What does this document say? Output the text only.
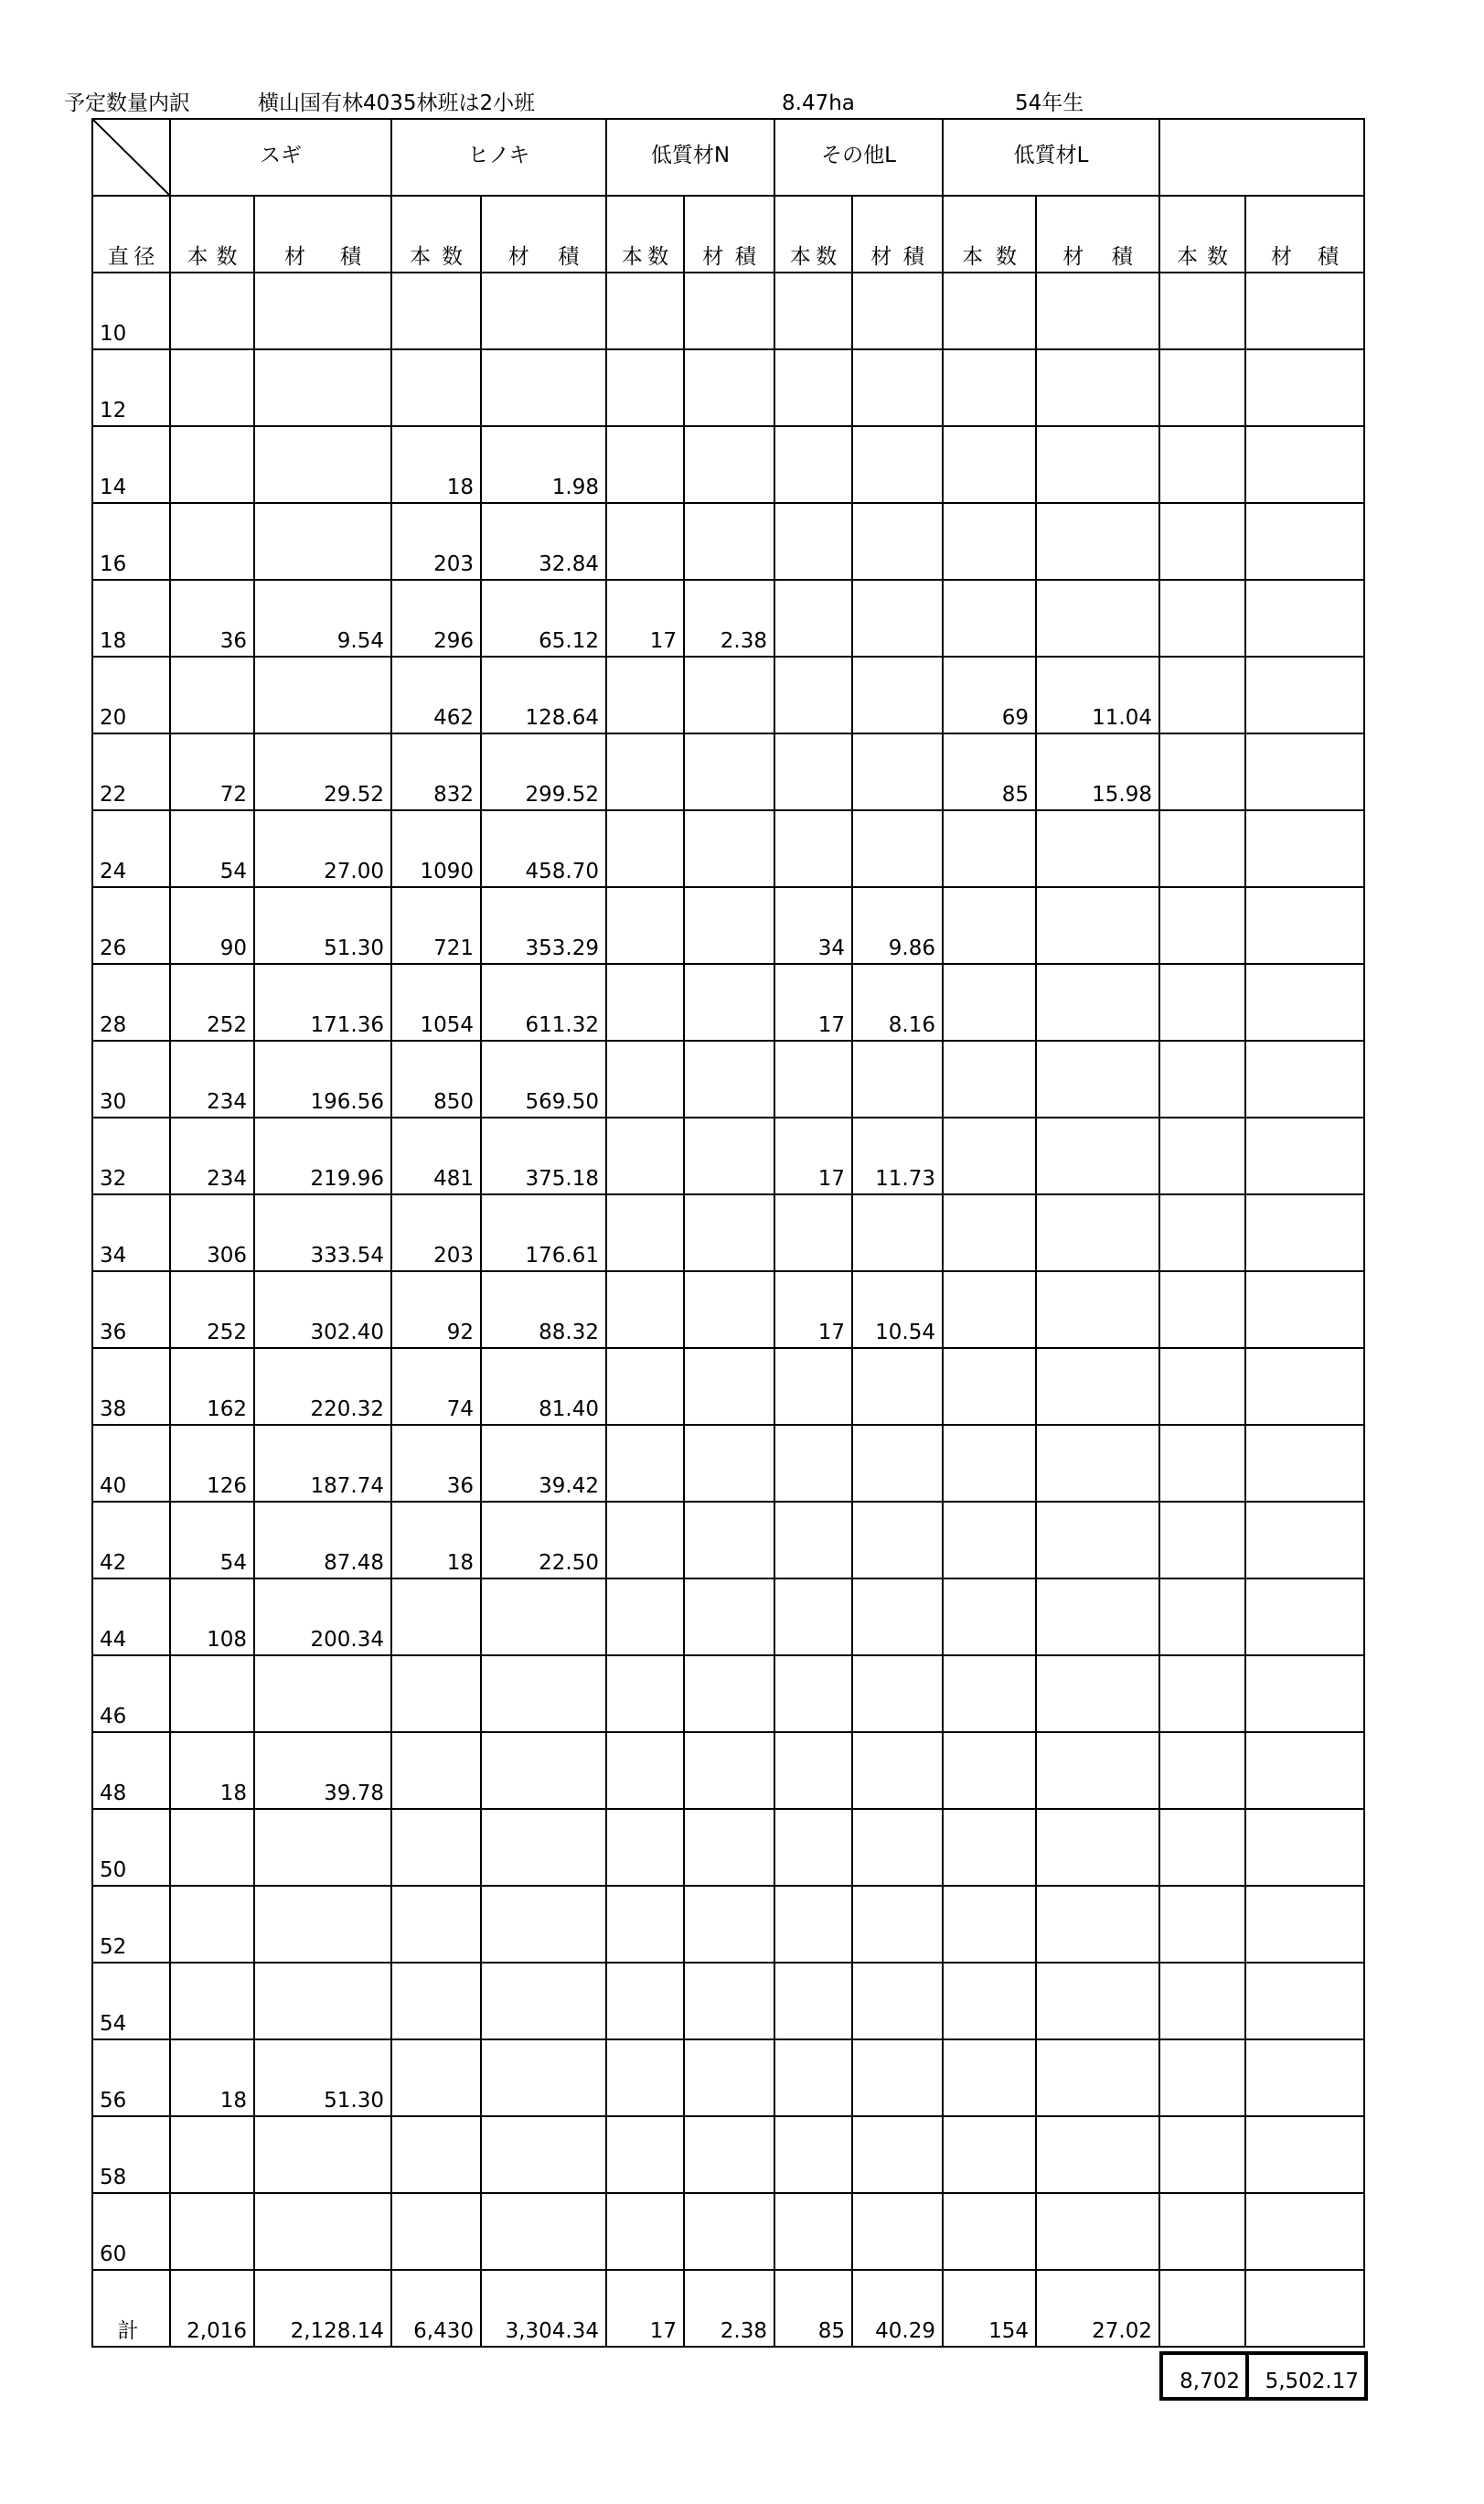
予定数量内訳	横山国有林4035林班は2小班	8.47ha	54年生
	スギ		ヒノキ		低質材N		その他L		低質材L			

直 径	本 数	材 積	本 数	材 積	本 数	材 積	本 数	材 積	本 数	材 積	本 数	材 積

10												
12												
14			18	1.98								
16			203	32.84								
18	36	9.54	296	65.12	17	2.38						
20			462	128.64					69	11.04		
22	72	29.52	832	299.52					85	15.98		
24	54	27.00	1090	458.70								
26	90	51.30	721	353.29			34	9.86				
28	252	171.36	1054	611.32			17	8.16				
30	234	196.56	850	569.50								
32	234	219.96	481	375.18			17	11.73				
34	306	333.54	203	176.61								
36	252	302.40	92	88.32			17	10.54				
38	162	220.32	74	81.40								
40	126	187.74	36	39.42								
42	54	87.48	18	22.50								
44	108	200.34										
46												
48	18	39.78										
50												
52												
54												
56	18	51.30										
58												
60												
計	2,016	2,128.14	6,430	3,304.34	17	2.38	85	40.29	154	27.02		
8,702	5,502.17
